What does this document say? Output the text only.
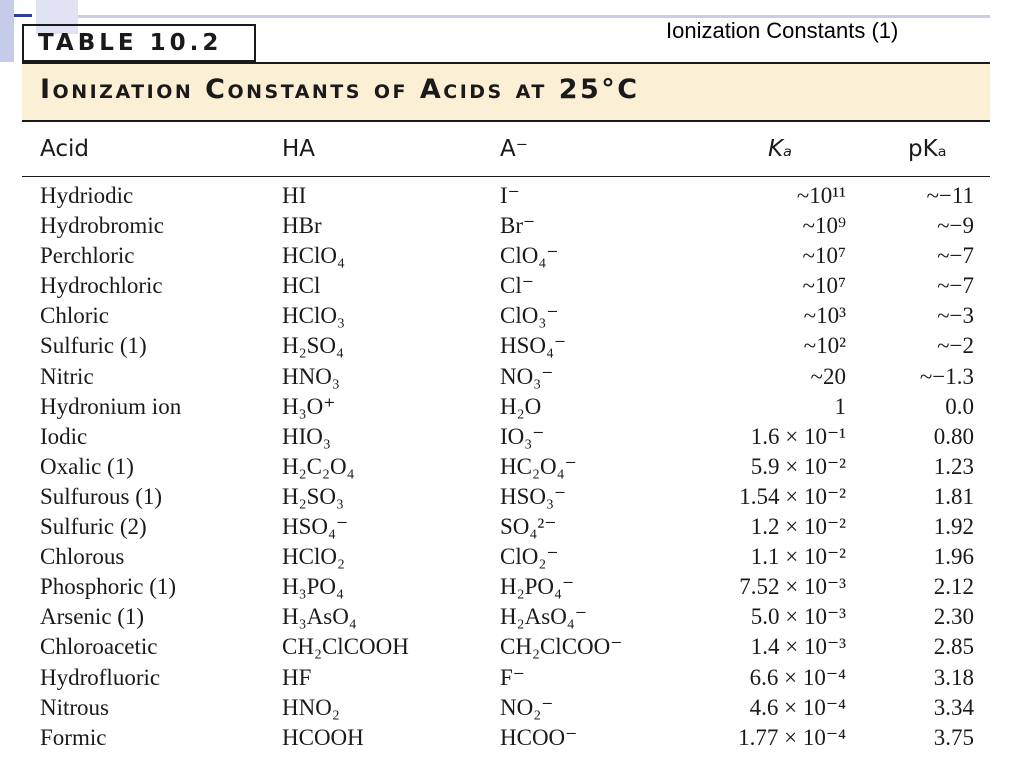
Ionization Constants (1)
TABLE 10.2
Ionization Constants of Acids at 25°C
Acid	HA	A⁻	Kₐ	pKₐ
Hydriodic	HI	I⁻	~10¹¹	~−11
Hydrobromic	HBr	Br⁻	~10⁹	~−9
Perchloric	HClO₄	ClO₄⁻	~10⁷	~−7
Hydrochloric	HCl	Cl⁻	~10⁷	~−7
Chloric	HClO₃	ClO₃⁻	~10³	~−3
Sulfuric (1)	H₂SO₄	HSO₄⁻	~10²	~−2
Nitric	HNO₃	NO₃⁻	~20	~−1.3
Hydronium ion	H₃O⁺	H₂O	1	0.0
Iodic	HIO₃	IO₃⁻	1.6 × 10⁻¹	0.80
Oxalic (1)	H₂C₂O₄	HC₂O₄⁻	5.9 × 10⁻²	1.23
Sulfurous (1)	H₂SO₃	HSO₃⁻	1.54 × 10⁻²	1.81
Sulfuric (2)	HSO₄⁻	SO₄²⁻	1.2 × 10⁻²	1.92
Chlorous	HClO₂	ClO₂⁻	1.1 × 10⁻²	1.96
Phosphoric (1)	H₃PO₄	H₂PO₄⁻	7.52 × 10⁻³	2.12
Arsenic (1)	H₃AsO₄	H₂AsO₄⁻	5.0 × 10⁻³	2.30
Chloroacetic	CH₂ClCOOH	CH₂ClCOO⁻	1.4 × 10⁻³	2.85
Hydrofluoric	HF	F⁻	6.6 × 10⁻⁴	3.18
Nitrous	HNO₂	NO₂⁻	4.6 × 10⁻⁴	3.34
Formic	HCOOH	HCOO⁻	1.77 × 10⁻⁴	3.75
